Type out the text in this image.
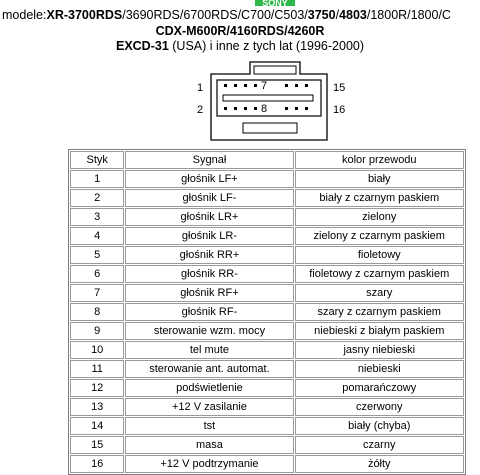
SONY
modele:XR-3700RDS/3690RDS/6700RDS/C700/C503/3750/4803/1800R/1800/C
CDX-M600R/4160RDS/4260R
EXCD-31 (USA) i inne z tych lat (1996-2000)
1
2
15
16
7
8
Styk	Sygnał	kolor przewodu
1	głośnik LF+	biały
2	głośnik LF-	biały z czarnym paskiem
3	głośnik LR+	zielony
4	głośnik LR-	zielony z czarnym paskiem
5	głośnik RR+	fioletowy
6	głośnik RR-	fioletowy z czarnym paskiem
7	głośnik RF+	szary
8	głośnik RF-	szary z czarnym paskiem
9	sterowanie wzm. mocy	niebieski z białym paskiem
10	tel mute	jasny niebieski
11	sterowanie ant. automat.	niebieski
12	podświetlenie	pomarańczowy
13	+12 V zasilanie	czerwony
14	tst	biały (chyba)
15	masa	czarny
16	+12 V podtrzymanie	żółty
